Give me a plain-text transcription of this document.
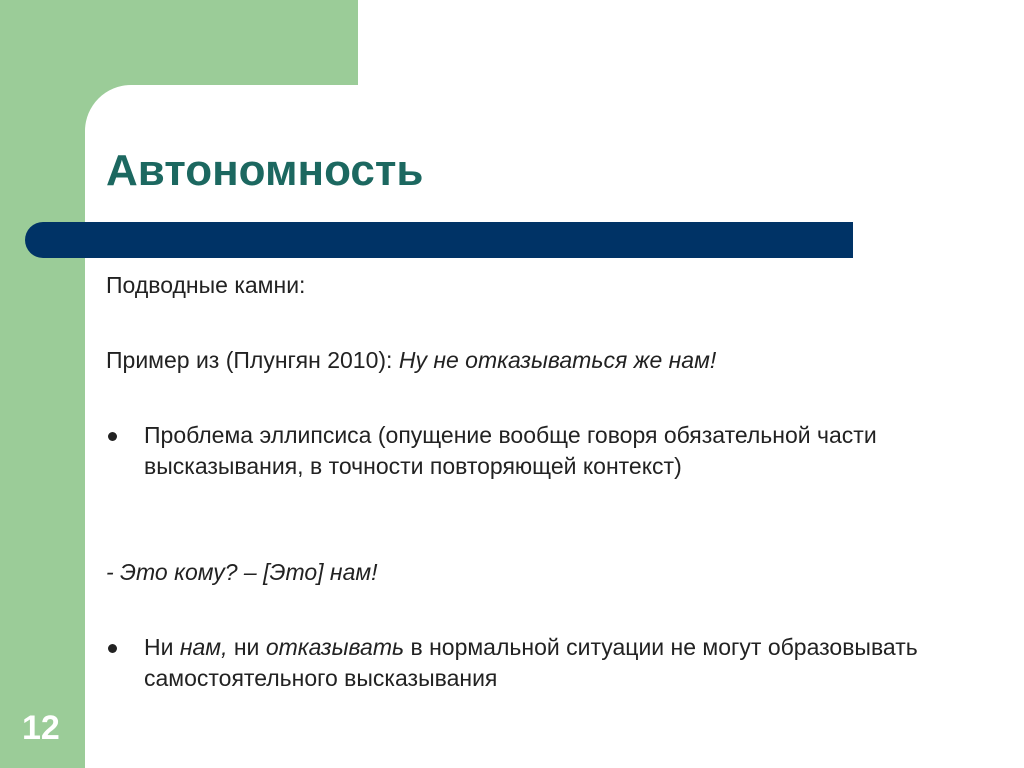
Автономность
Подводные камни:
Пример из (Плунгян 2010): Ну не отказываться же нам!
Проблема эллипсиса (опущение вообще говоря обязательной части высказывания, в точности повторяющей контекст)
- Это кому? – [Это] нам!
Ни нам, ни отказывать в нормальной ситуации не могут образовывать самостоятельного высказывания
12
